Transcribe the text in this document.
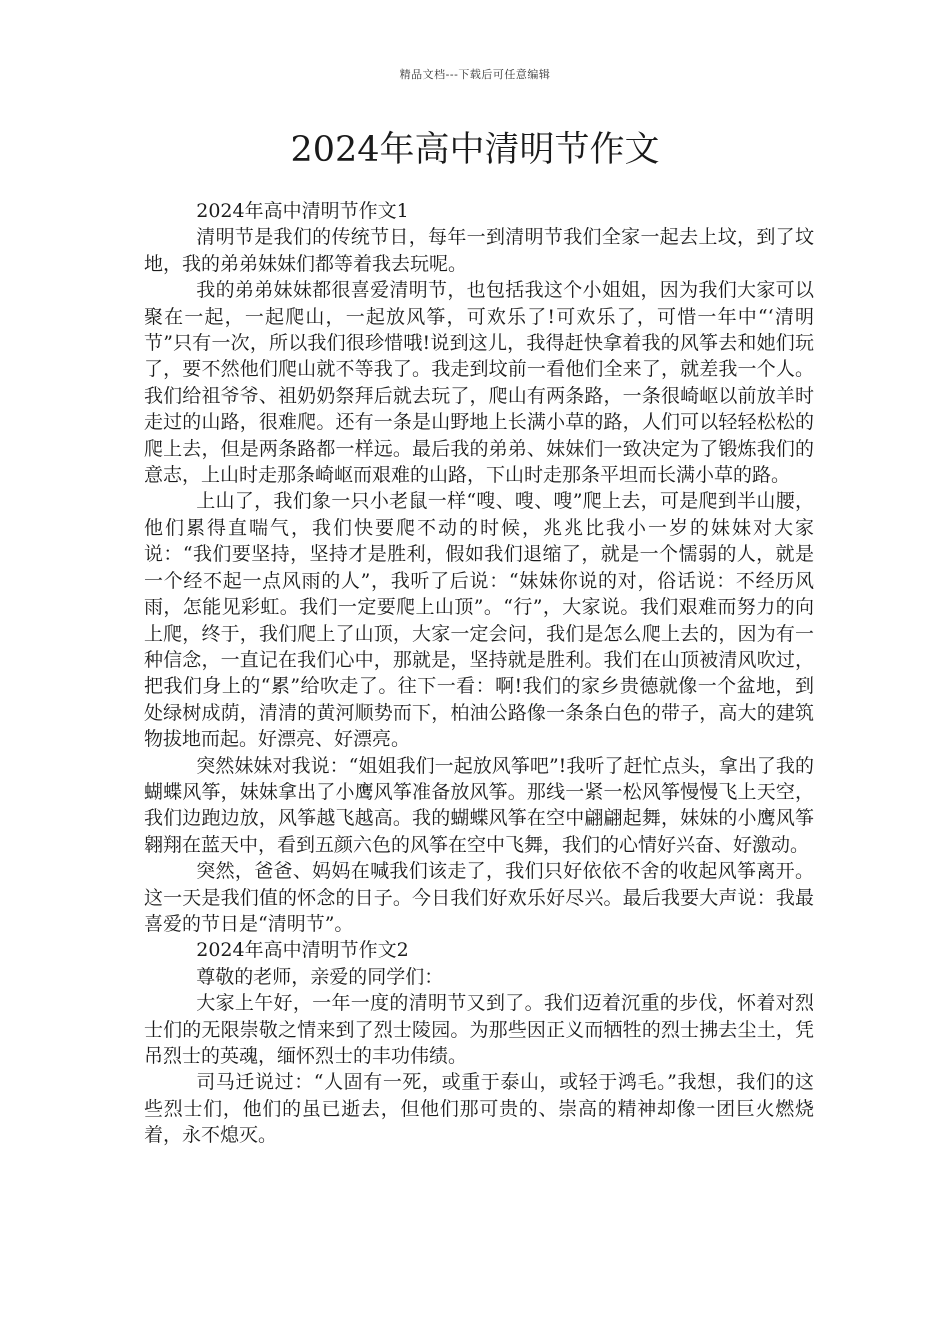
精品文档---下载后可任意编辑
2024年高中清明节作文

2024年高中清明节作文1

清明节是我们的传统节日，每年一到清明节我们全家一起去上坟，到了坟地，我的弟弟妹妹们都等着我去玩呢。

我的弟弟妹妹都很喜爱清明节，也包括我这个小姐姐，因为我们大家可以聚在一起，一起爬山，一起放风筝，可欢乐了!可欢乐了，可惜一年中“‘清明节”只有一次，所以我们很珍惜哦!说到这儿，我得赶快拿着我的风筝去和她们玩了，要不然他们爬山就不等我了。我走到坟前一看他们全来了，就差我一个人。我们给祖爷爷、祖奶奶祭拜后就去玩了，爬山有两条路，一条很崎岖以前放羊时走过的山路，很难爬。还有一条是山野地上长满小草的路，人们可以轻轻松松的爬上去，但是两条路都一样远。最后我的弟弟、妹妹们一致决定为了锻炼我们的意志，上山时走那条崎岖而艰难的山路，下山时走那条平坦而长满小草的路。

上山了，我们象一只小老鼠一样“嗖、嗖、嗖”爬上去，可是爬到半山腰，他们累得直喘气，我们快要爬不动的时候，兆兆比我小一岁的妹妹对大家说：“我们要坚持，坚持才是胜利，假如我们退缩了，就是一个懦弱的人，就是一个经不起一点风雨的人”，我听了后说：“妹妹你说的对，俗话说：不经历风雨，怎能见彩虹。我们一定要爬上山顶”。“行”，大家说。我们艰难而努力的向上爬，终于，我们爬上了山顶，大家一定会问，我们是怎么爬上去的，因为有一种信念，一直记在我们心中，那就是，坚持就是胜利。我们在山顶被清风吹过，把我们身上的“累”给吹走了。往下一看：啊!我们的家乡贵德就像一个盆地，到处绿树成荫，清清的黄河顺势而下，柏油公路像一条条白色的带子，高大的建筑物拔地而起。好漂亮、好漂亮。

突然妹妹对我说：“姐姐我们一起放风筝吧”!我听了赶忙点头，拿出了我的蝴蝶风筝，妹妹拿出了小鹰风筝准备放风筝。那线一紧一松风筝慢慢飞上天空，我们边跑边放，风筝越飞越高。我的蝴蝶风筝在空中翩翩起舞，妹妹的小鹰风筝翱翔在蓝天中，看到五颜六色的风筝在空中飞舞，我们的心情好兴奋、好激动。

突然，爸爸、妈妈在喊我们该走了，我们只好依依不舍的收起风筝离开。这一天是我们值的怀念的日子。今日我们好欢乐好尽兴。最后我要大声说：我最喜爱的节日是“清明节”。

2024年高中清明节作文2

尊敬的老师，亲爱的同学们：

大家上午好，一年一度的清明节又到了。我们迈着沉重的步伐，怀着对烈士们的无限崇敬之情来到了烈士陵园。为那些因正义而牺牲的烈士拂去尘土，凭吊烈士的英魂，缅怀烈士的丰功伟绩。

司马迁说过：“人固有一死，或重于泰山，或轻于鸿毛。”我想，我们的这些烈士们，他们的虽已逝去，但他们那可贵的、崇高的精神却像一团巨火燃烧着，永不熄灭。
